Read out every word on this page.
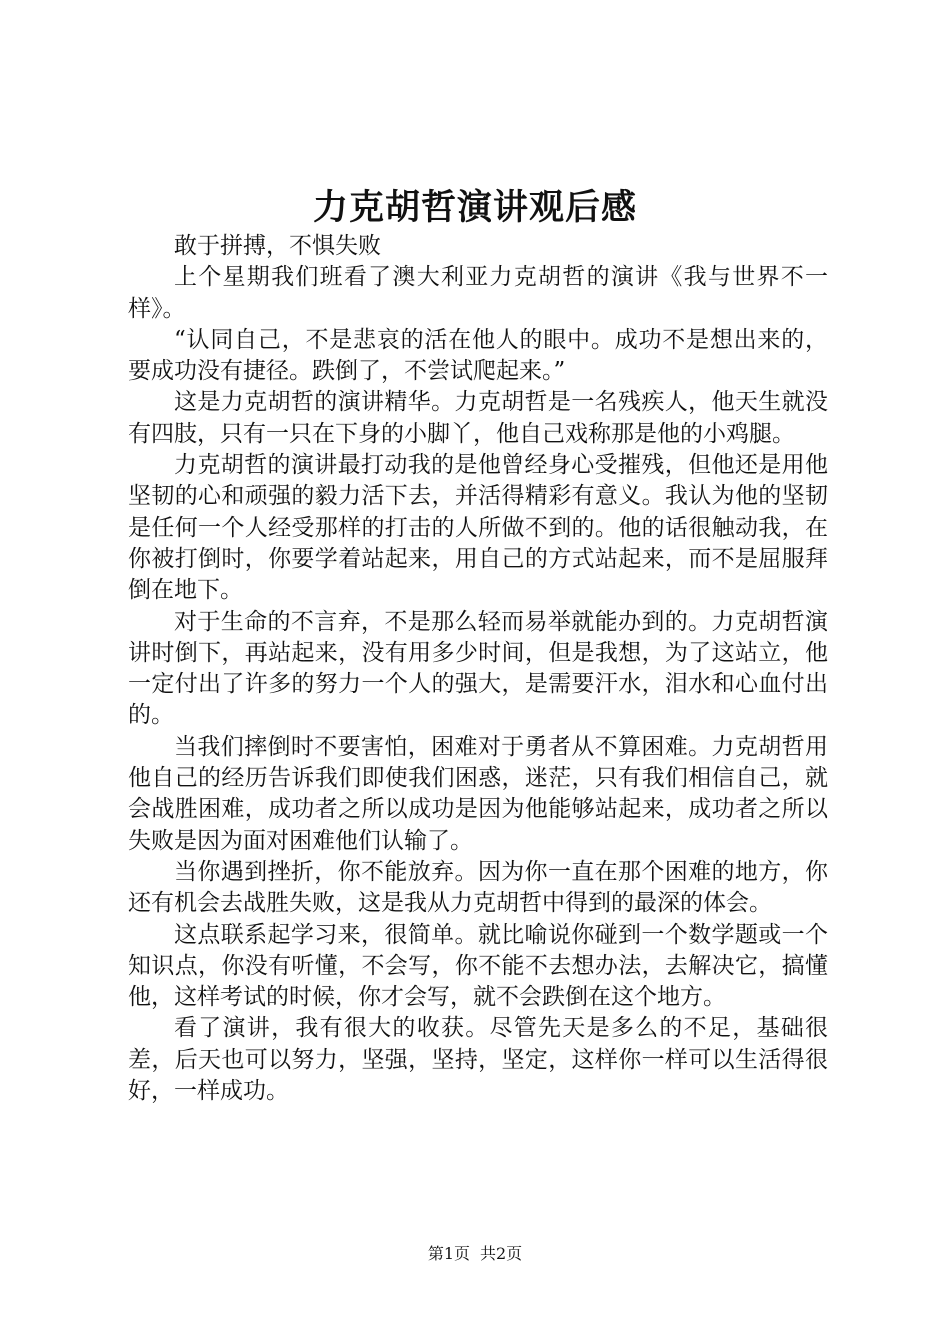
力克胡哲演讲观后感

敢于拼搏，不惧失败

上个星期我们班看了澳大利亚力克胡哲的演讲《我与世界不一样》。

“认同自己，不是悲哀的活在他人的眼中。成功不是想出来的，要成功没有捷径。跌倒了，不尝试爬起来。”

这是力克胡哲的演讲精华。力克胡哲是一名残疾人，他天生就没有四肢，只有一只在下身的小脚丫，他自己戏称那是他的小鸡腿。

力克胡哲的演讲最打动我的是他曾经身心受摧残，但他还是用他坚韧的心和顽强的毅力活下去，并活得精彩有意义。我认为他的坚韧是任何一个人经受那样的打击的人所做不到的。他的话很触动我，在你被打倒时，你要学着站起来，用自己的方式站起来，而不是屈服拜倒在地下。

对于生命的不言弃，不是那么轻而易举就能办到的。力克胡哲演讲时倒下，再站起来，没有用多少时间，但是我想，为了这站立，他一定付出了许多的努力一个人的强大，是需要汗水，泪水和心血付出的。

当我们摔倒时不要害怕，困难对于勇者从不算困难。力克胡哲用他自己的经历告诉我们即使我们困惑，迷茫，只有我们相信自己，就会战胜困难，成功者之所以成功是因为他能够站起来，成功者之所以失败是因为面对困难他们认输了。

当你遇到挫折，你不能放弃。因为你一直在那个困难的地方，你还有机会去战胜失败，这是我从力克胡哲中得到的最深的体会。

这点联系起学习来，很简单。就比喻说你碰到一个数学题或一个知识点，你没有听懂，不会写，你不能不去想办法，去解决它，搞懂他，这样考试的时候，你才会写，就不会跌倒在这个地方。

看了演讲，我有很大的收获。尽管先天是多么的不足，基础很差，后天也可以努力，坚强，坚持，坚定，这样你一样可以生活得很好，一样成功。

第1页 共2页
